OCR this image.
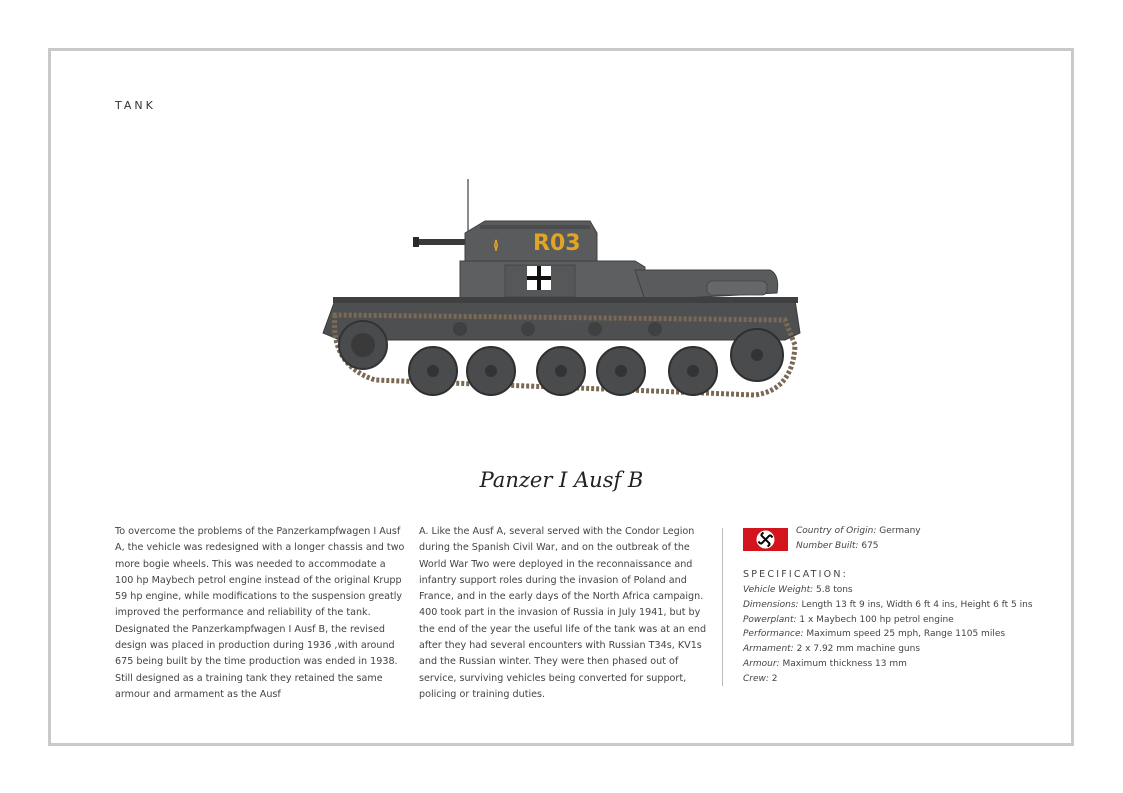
TANK
≬ R03
Panzer I Ausf B

To overcome the problems of the Panzerkampfwagen I Ausf A, the vehicle was redesigned with a longer chassis and two more bogie wheels. This was needed to accommodate a 100 hp Maybech petrol engine instead of the original Krupp 59 hp engine, while modifications to the suspension greatly improved the performance and reliability of the tank. Designated the Panzerkampfwagen I Ausf B, the revised design was placed in production during 1936 ,with around 675 being built by the time production was ended in 1938. Still designed as a training tank they retained the same armour and armament as the Ausf

A. Like the Ausf A, several served with the Condor Legion during the Spanish Civil War, and on the outbreak of the World War Two were deployed in the reconnaissance and infantry support roles during the invasion of Poland and France, and in the early days of the North Africa campaign. 400 took part in the invasion of Russia in July 1941, but by the end of the year the useful life of the tank was at an end after they had several encounters with Russian T34s, KV1s and the Russian winter. They were then phased out of service, surviving vehicles being converted for support, policing or training duties.

Country of Origin: Germany
Number Built: 675
SPECIFICATION:
Vehicle Weight: 5.8 tons
Dimensions: Length 13 ft 9 ins, Width 6 ft 4 ins, Height 6 ft 5 ins
Powerplant: 1 x Maybech 100 hp petrol engine
Performance: Maximum speed 25 mph, Range 1105 miles
Armament: 2 x 7.92 mm machine guns
Armour: Maximum thickness 13 mm
Crew: 2
